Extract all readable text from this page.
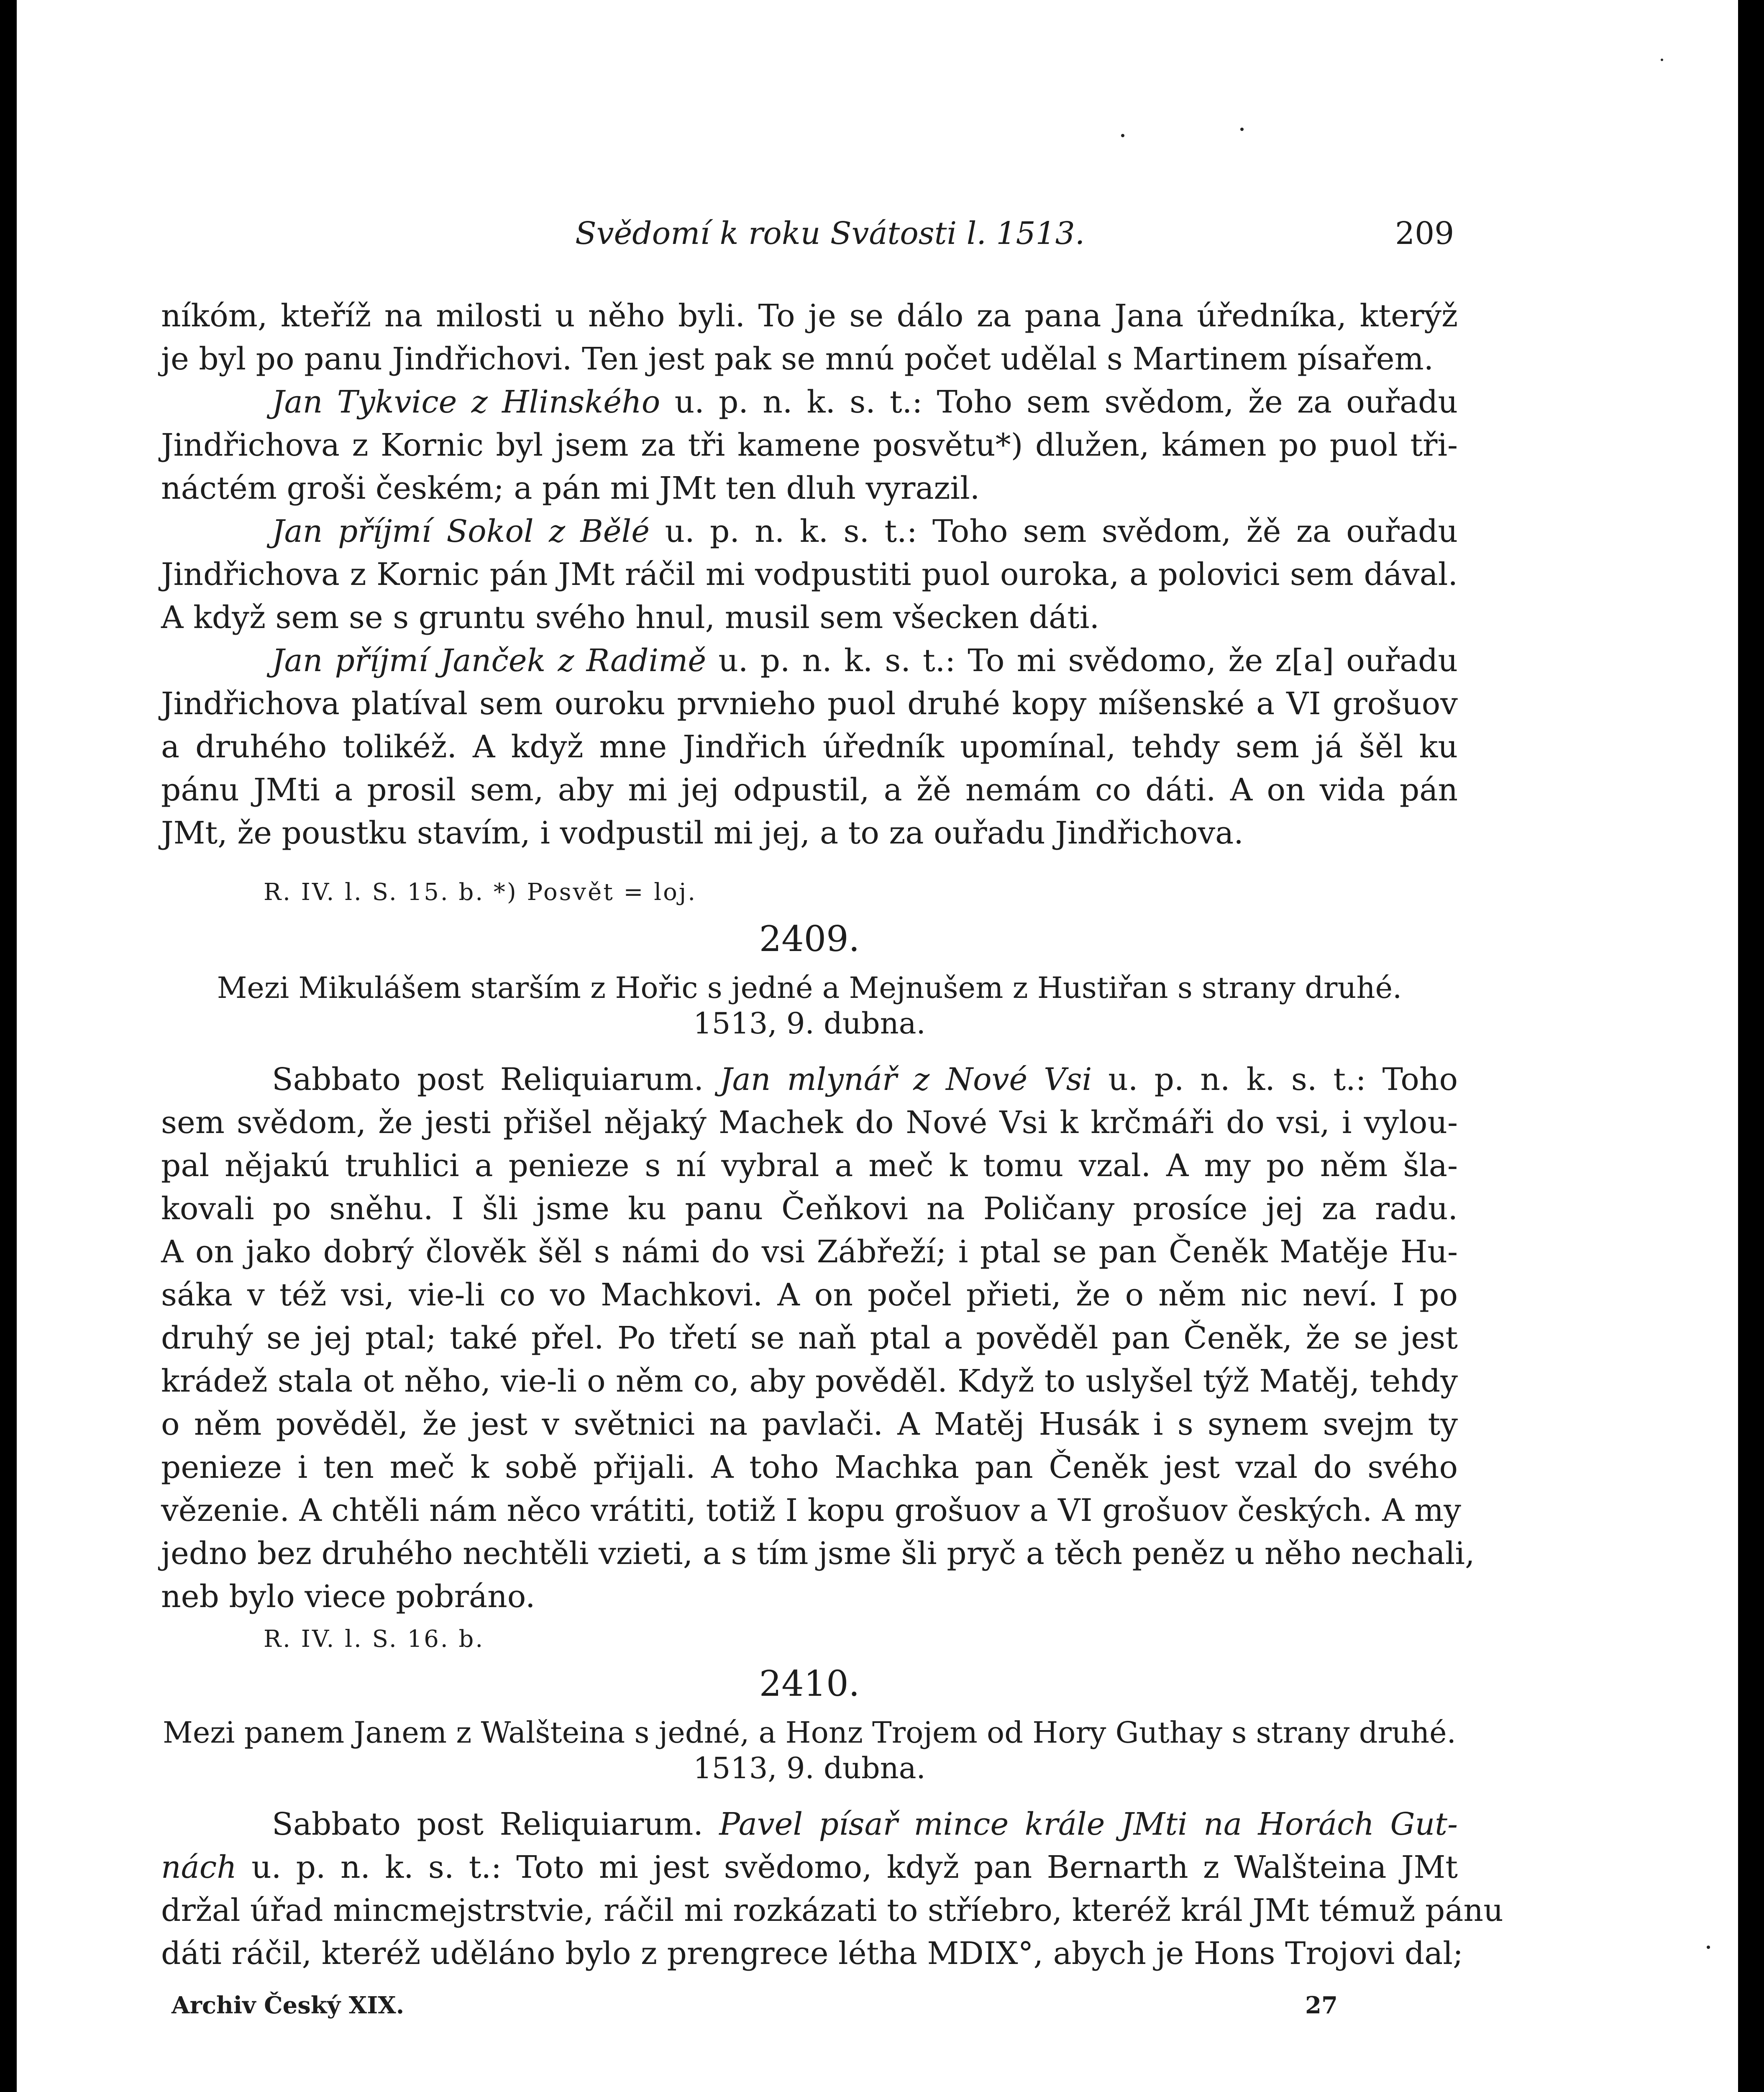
Svědomí k roku Svátosti l. 1513.	209
níkóm, kteříž na milosti u něho byli. To je se dálo za pana Jana úředníka, kterýž
je byl po panu Jindřichovi. Ten jest pak se mnú počet udělal s Martinem písařem.
Jan Tykvice z Hlinského u. p. n. k. s. t.: Toho sem svědom, že za ouřadu
Jindřichova z Kornic byl jsem za tři kamene posvětu*) dlužen, kámen po puol tři-
náctém groši českém; a pán mi JMt ten dluh vyrazil.
Jan příjmí Sokol z Bělé u. p. n. k. s. t.: Toho sem svědom, žě za ouřadu
Jindřichova z Kornic pán JMt ráčil mi vodpustiti puol ouroka, a polovici sem dával.
A když sem se s gruntu svého hnul, musil sem všecken dáti.
Jan příjmí Janček z Radimě u. p. n. k. s. t.: To mi svědomo, že z[a] ouřadu
Jindřichova platíval sem ouroku prvnieho puol druhé kopy míšenské a VI grošuov
a druhého tolikéž. A když mne Jindřich úředník upomínal, tehdy sem já šěl ku
pánu JMti a prosil sem, aby mi jej odpustil, a žě nemám co dáti. A on vida pán
JMt, že poustku stavím, i vodpustil mi jej, a to za ouřadu Jindřichova.
R. IV. l. S. 15. b. *) Posvět = loj.
2409.
Mezi Mikulášem starším z Hořic s jedné a Mejnušem z Hustiřan s strany druhé.
1513, 9. dubna.
Sabbato post Reliquiarum. Jan mlynář z Nové Vsi u. p. n. k. s. t.: Toho
sem svědom, že jesti přišel nějaký Machek do Nové Vsi k krčmáři do vsi, i vylou-
pal nějakú truhlici a penieze s ní vybral a meč k tomu vzal. A my po něm šla-
kovali po sněhu. I šli jsme ku panu Čeňkovi na Poličany prosíce jej za radu.
A on jako dobrý člověk šěl s námi do vsi Zábřeží; i ptal se pan Čeněk Matěje Hu-
sáka v též vsi, vie-li co vo Machkovi. A on počel přieti, že o něm nic neví. I po
druhý se jej ptal; také přel. Po třetí se naň ptal a pověděl pan Čeněk, že se jest
krádež stala ot něho, vie-li o něm co, aby pověděl. Když to uslyšel týž Matěj, tehdy
o něm pověděl, že jest v světnici na pavlači. A Matěj Husák i s synem svejm ty
penieze i ten meč k sobě přijali. A toho Machka pan Čeněk jest vzal do svého
vězenie. A chtěli nám něco vrátiti, totiž I kopu grošuov a VI grošuov českých. A my
jedno bez druhého nechtěli vzieti, a s tím jsme šli pryč a těch peněz u něho nechali,
neb bylo viece pobráno.
R. IV. l. S. 16. b.
2410.
Mezi panem Janem z Walšteina s jedné, a Honz Trojem od Hory Guthay s strany druhé.
1513, 9. dubna.
Sabbato post Reliquiarum. Pavel písař mince krále JMti na Horách Gut-
nách u. p. n. k. s. t.: Toto mi jest svědomo, když pan Bernarth z Walšteina JMt
držal úřad mincmejstrstvie, ráčil mi rozkázati to stříebro, kteréž král JMt témuž pánu
dáti ráčil, kteréž uděláno bylo z prengrece létha MDIX°, abych je Hons Trojovi dal;
Archiv Český XIX.	27
